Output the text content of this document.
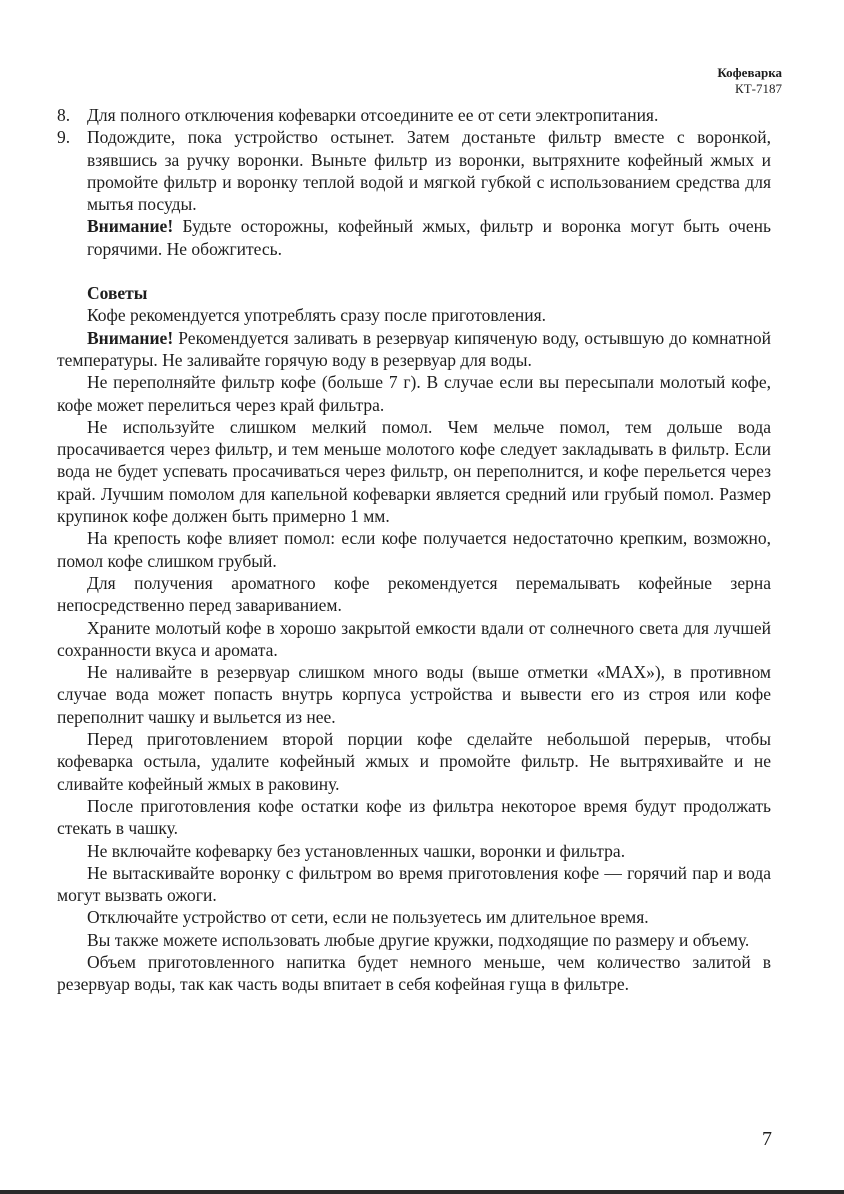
Кофеварка
КТ-7187
8. Для полного отключения кофеварки отсоедините ее от сети электропитания.
9. Подождите, пока устройство остынет. Затем достаньте фильтр вместе с воронкой, взявшись за ручку воронки. Выньте фильтр из воронки, вытряхните кофейный жмых и промойте фильтр и воронку теплой водой и мягкой губкой с использованием средства для мытья посуды.
Внимание! Будьте осторожны, кофейный жмых, фильтр и воронка могут быть очень горячими. Не обожгитесь.
Советы
Кофе рекомендуется употреблять сразу после приготовления.
Внимание! Рекомендуется заливать в резервуар кипяченую воду, остывшую до комнатной температуры. Не заливайте горячую воду в резервуар для воды.
Не переполняйте фильтр кофе (больше 7 г). В случае если вы пересыпали молотый кофе, кофе может перелиться через край фильтра.
Не используйте слишком мелкий помол. Чем мельче помол, тем дольше вода просачивается через фильтр, и тем меньше молотого кофе следует закладывать в фильтр. Если вода не будет успевать просачиваться через фильтр, он переполнится, и кофе перельется через край. Лучшим помолом для капельной кофеварки является средний или грубый помол. Размер крупинок кофе должен быть примерно 1 мм.
На крепость кофе влияет помол: если кофе получается недостаточно крепким, возможно, помол кофе слишком грубый.
Для получения ароматного кофе рекомендуется перемалывать кофейные зерна непосредственно перед завариванием.
Храните молотый кофе в хорошо закрытой емкости вдали от солнечного света для лучшей сохранности вкуса и аромата.
Не наливайте в резервуар слишком много воды (выше отметки «MAX»), в противном случае вода может попасть внутрь корпуса устройства и вывести его из строя или кофе переполнит чашку и выльется из нее.
Перед приготовлением второй порции кофе сделайте небольшой перерыв, чтобы кофеварка остыла, удалите кофейный жмых и промойте фильтр. Не вытряхивайте и не сливайте кофейный жмых в раковину.
После приготовления кофе остатки кофе из фильтра некоторое время будут продолжать стекать в чашку.
Не включайте кофеварку без установленных чашки, воронки и фильтра.
Не вытаскивайте воронку с фильтром во время приготовления кофе — горячий пар и вода могут вызвать ожоги.
Отключайте устройство от сети, если не пользуетесь им длительное время.
Вы также можете использовать любые другие кружки, подходящие по размеру и объему.
Объем приготовленного напитка будет немного меньше, чем количество залитой в резервуар воды, так как часть воды впитает в себя кофейная гуща в фильтре.
7
